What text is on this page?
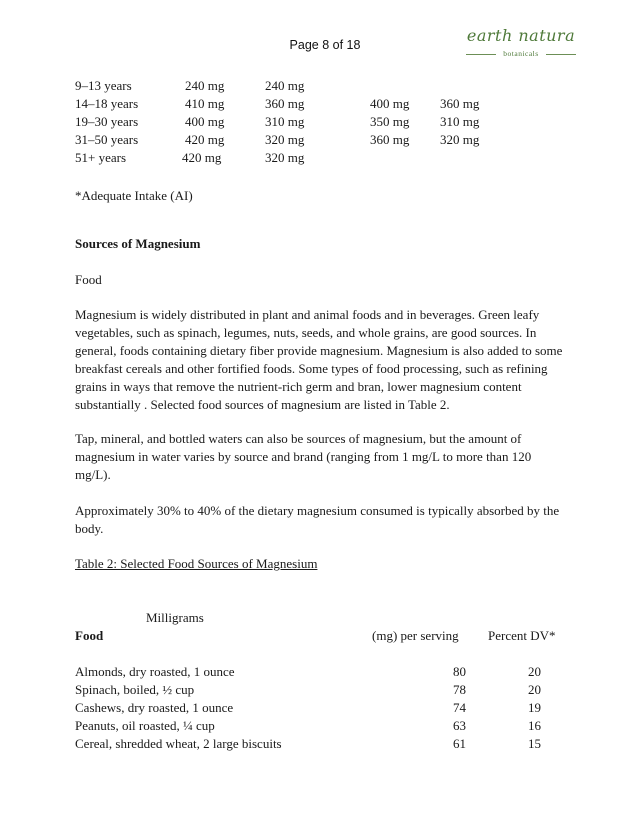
Page 8 of 18	earth natura
botanicals
9–13 years	240 mg	240 mg
14–18 years	410 mg	360 mg	400 mg 360 mg
19–30 years	400 mg	310 mg	350 mg 310 mg
31–50 years	420 mg	320 mg	360 mg 320 mg
51+ years	420 mg	320 mg
*Adequate Intake (AI)
Sources of Magnesium
Food
Magnesium is widely distributed in plant and animal foods and in beverages. Green leafy vegetables, such as spinach, legumes, nuts, seeds, and whole grains, are good sources. In general, foods containing dietary fiber provide magnesium. Magnesium is also added to some breakfast cereals and other fortified foods. Some types of food processing, such as refining grains in ways that remove the nutrient-rich germ and bran, lower magnesium content substantially . Selected food sources of magnesium are listed in Table 2.
Tap, mineral, and bottled waters can also be sources of magnesium, but the amount of magnesium in water varies by source and brand (ranging from 1 mg/L to more than 120 mg/L).
Approximately 30% to 40% of the dietary magnesium consumed is typically absorbed by the body.
Table 2: Selected Food Sources of Magnesium
Milligrams
Food	(mg) per serving Percent DV*
Almonds, dry roasted, 1 ounce	80	20
Spinach, boiled, ½ cup	78	20
Cashews, dry roasted, 1 ounce	74	19
Peanuts, oil roasted, ¼ cup	63	16
Cereal, shredded wheat, 2 large biscuits	61	15
